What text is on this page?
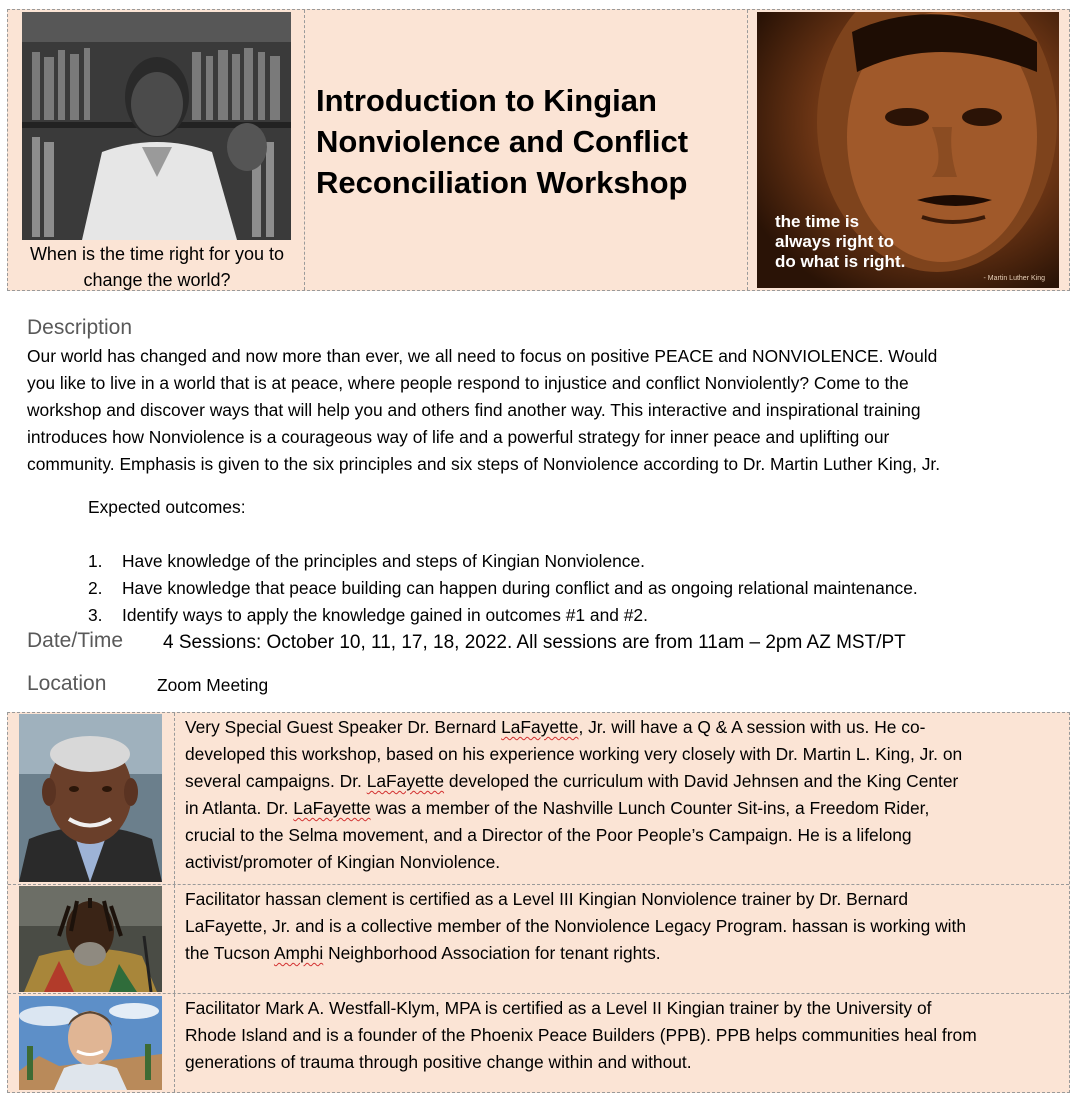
When is the time right for you to change the world?
Introduction to Kingian
Nonviolence and Conflict
Reconciliation Workshop
the time is
always right to
do what is right.
- Martin Luther King
Description
Our world has changed and now more than ever, we all need to focus on positive PEACE and NONVIOLENCE. Would
you like to live in a world that is at peace, where people respond to injustice and conflict Nonviolently? Come to the
workshop and discover ways that will help you and others find another way. This interactive and inspirational training
introduces how Nonviolence is a courageous way of life and a powerful strategy for inner peace and uplifting our
community. Emphasis is given to the six principles and six steps of Nonviolence according to Dr. Martin Luther King, Jr.
Expected outcomes:
1. Have knowledge of the principles and steps of Kingian Nonviolence.
2. Have knowledge that peace building can happen during conflict and as ongoing relational maintenance.
3. Identify ways to apply the knowledge gained in outcomes #1 and #2.
Date/Time 4 Sessions: October 10, 11, 17, 18, 2022. All sessions are from 11am – 2pm AZ MST/PT
Location	Zoom Meeting
Very Special Guest Speaker Dr. Bernard LaFayette, Jr. will have a Q & A session with us. He co-
developed this workshop, based on his experience working very closely with Dr. Martin L. King, Jr. on
several campaigns. Dr. LaFayette developed the curriculum with David Jehnsen and the King Center
in Atlanta. Dr. LaFayette was a member of the Nashville Lunch Counter Sit-ins, a Freedom Rider,
crucial to the Selma movement, and a Director of the Poor People’s Campaign. He is a lifelong
activist/promoter of Kingian Nonviolence.
Facilitator hassan clement is certified as a Level III Kingian Nonviolence trainer by Dr. Bernard
LaFayette, Jr. and is a collective member of the Nonviolence Legacy Program. hassan is working with
the Tucson Amphi Neighborhood Association for tenant rights.
Facilitator Mark A. Westfall-Klym, MPA is certified as a Level II Kingian trainer by the University of
Rhode Island and is a founder of the Phoenix Peace Builders (PPB). PPB helps communities heal from
generations of trauma through positive change within and without.
